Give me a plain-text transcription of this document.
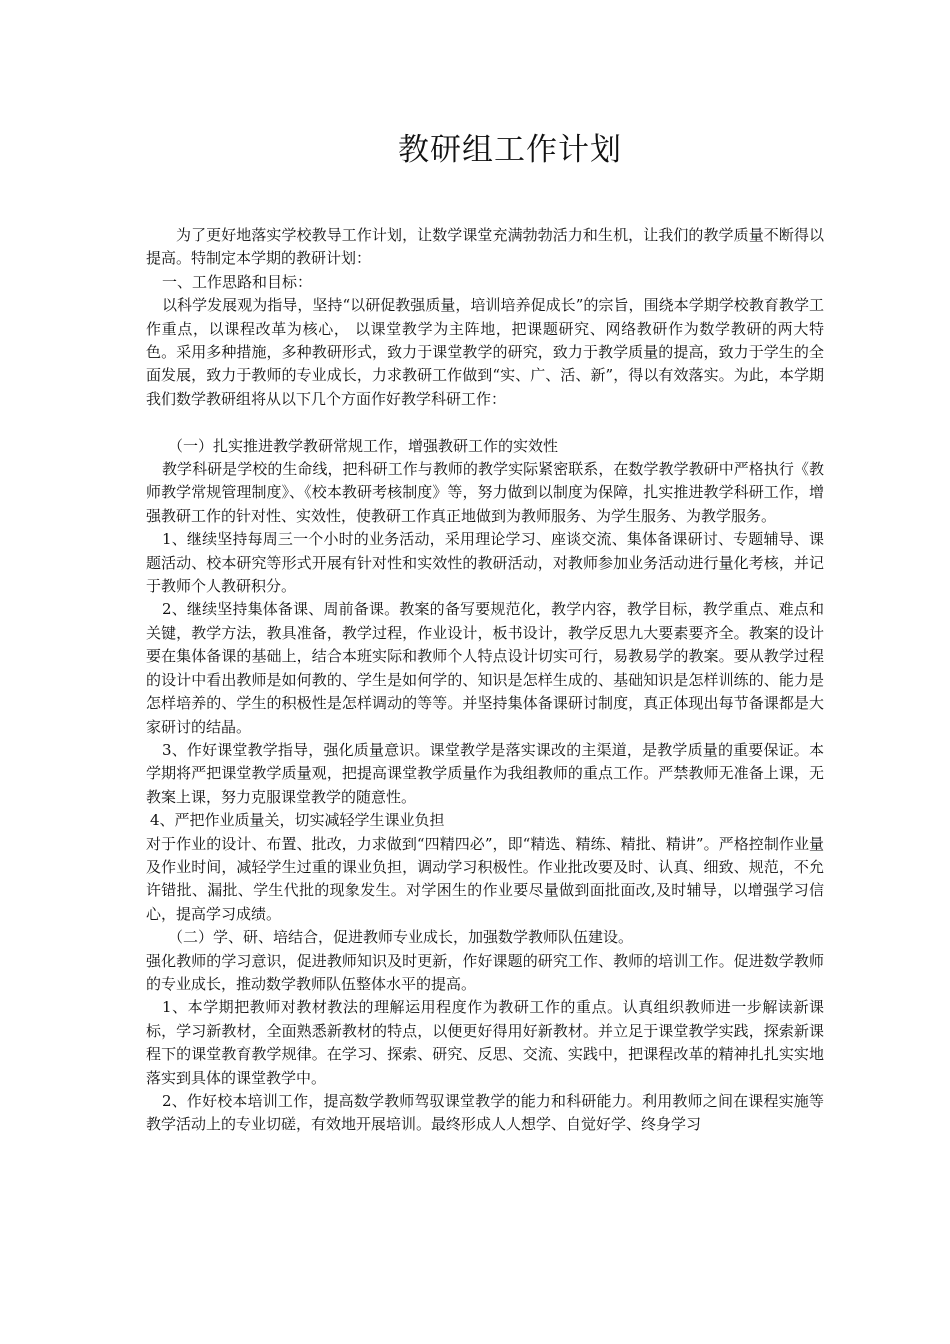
教研组工作计划

为了更好地落实学校教导工作计划，让数学课堂充满勃勃活力和生机，让我们的教学质量不断得以提高。特制定本学期的教研计划：

一、工作思路和目标：

以科学发展观为指导，坚持“以研促教强质量，培训培养促成长”的宗旨，围绕本学期学校教育教学工作重点，以课程改革为核心， 以课堂教学为主阵地，把课题研究、网络教研作为数学教研的两大特色。采用多种措施，多种教研形式，致力于课堂教学的研究，致力于教学质量的提高，致力于学生的全面发展，致力于教师的专业成长，力求教研工作做到“实、广、活、新”，得以有效落实。为此，本学期我们数学教研组将从以下几个方面作好教学科研工作：

（一）扎实推进教学教研常规工作，增强教研工作的实效性

教学科研是学校的生命线，把科研工作与教师的教学实际紧密联系，在数学教学教研中严格执行《教师教学常规管理制度》、《校本教研考核制度》等，努力做到以制度为保障，扎实推进教学科研工作，增强教研工作的针对性、实效性，使教研工作真正地做到为教师服务、为学生服务、为教学服务。

1、继续坚持每周三一个小时的业务活动，采用理论学习、座谈交流、集体备课研讨、专题辅导、课题活动、校本研究等形式开展有针对性和实效性的教研活动，对教师参加业务活动进行量化考核，并记于教师个人教研积分。

2、继续坚持集体备课、周前备课。教案的备写要规范化，教学内容，教学目标，教学重点、难点和关键，教学方法，教具准备，教学过程，作业设计，板书设计，教学反思九大要素要齐全。教案的设计要在集体备课的基础上，结合本班实际和教师个人特点设计切实可行，易教易学的教案。要从教学过程的设计中看出教师是如何教的、学生是如何学的、知识是怎样生成的、基础知识是怎样训练的、能力是怎样培养的、学生的积极性是怎样调动的等等。并坚持集体备课研讨制度，真正体现出每节备课都是大家研讨的结晶。

3、作好课堂教学指导，强化质量意识。课堂教学是落实课改的主渠道，是教学质量的重要保证。本学期将严把课堂教学质量观，把提高课堂教学质量作为我组教师的重点工作。严禁教师无准备上课，无教案上课，努力克服课堂教学的随意性。

4、严把作业质量关，切实减轻学生课业负担

对于作业的设计、布置、批改，力求做到“四精四必”，即“精选、精练、精批、精讲”。严格控制作业量及作业时间，减轻学生过重的课业负担，调动学习积极性。作业批改要及时、认真、细致、规范，不允许错批、漏批、学生代批的现象发生。对学困生的作业要尽量做到面批面改,及时辅导，以增强学习信心，提高学习成绩。

（二）学、研、培结合，促进教师专业成长，加强数学教师队伍建设。

强化教师的学习意识，促进教师知识及时更新，作好课题的研究工作、教师的培训工作。促进数学教师的专业成长，推动数学教师队伍整体水平的提高。

1、本学期把教师对教材教法的理解运用程度作为教研工作的重点。认真组织教师进一步解读新课标，学习新教材，全面熟悉新教材的特点，以便更好得用好新教材。并立足于课堂教学实践，探索新课程下的课堂教育教学规律。在学习、探索、研究、反思、交流、实践中，把课程改革的精神扎扎实实地落实到具体的课堂教学中。

2、作好校本培训工作，提高数学教师驾驭课堂教学的能力和科研能力。利用教师之间在课程实施等教学活动上的专业切磋，有效地开展培训。最终形成人人想学、自觉好学、终身学习
